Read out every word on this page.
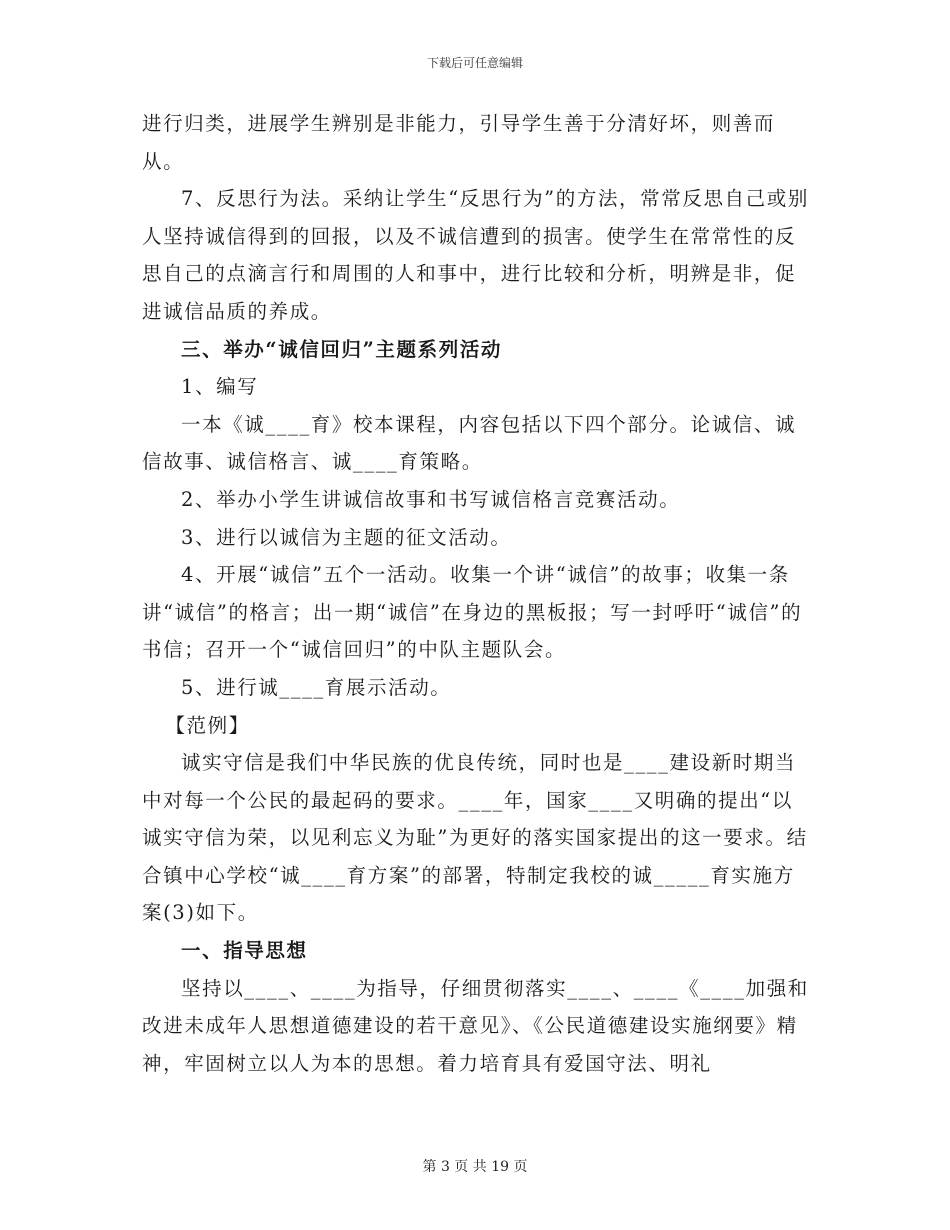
下载后可任意编辑

进行归类，进展学生辨别是非能力，引导学生善于分清好坏，则善而从。

7、反思行为法。采纳让学生“反思行为”的方法，常常反思自己或别人坚持诚信得到的回报，以及不诚信遭到的损害。使学生在常常性的反思自己的点滴言行和周围的人和事中，进行比较和分析，明辨是非，促进诚信品质的养成。

三、举办“诚信回归”主题系列活动

1、编写

一本《诚____育》校本课程，内容包括以下四个部分。论诚信、诚信故事、诚信格言、诚____育策略。

2、举办小学生讲诚信故事和书写诚信格言竞赛活动。

3、进行以诚信为主题的征文活动。

4、开展“诚信”五个一活动。收集一个讲“诚信”的故事；收集一条讲“诚信”的格言；出一期“诚信”在身边的黑板报；写一封呼吁“诚信”的书信；召开一个“诚信回归”的中队主题队会。

5、进行诚____育展示活动。

【范例】

诚实守信是我们中华民族的优良传统，同时也是____建设新时期当中对每一个公民的最起码的要求。____年，国家____又明确的提出“以诚实守信为荣，以见利忘义为耻”为更好的落实国家提出的这一要求。结合镇中心学校“诚____育方案”的部署，特制定我校的诚_____育实施方案(3)如下。

一、指导思想

坚持以____、____为指导，仔细贯彻落实____、____《____加强和改进未成年人思想道德建设的若干意见》、《公民道德建设实施纲要》精神，牢固树立以人为本的思想。着力培育具有爱国守法、明礼

第 3 页 共 19 页
